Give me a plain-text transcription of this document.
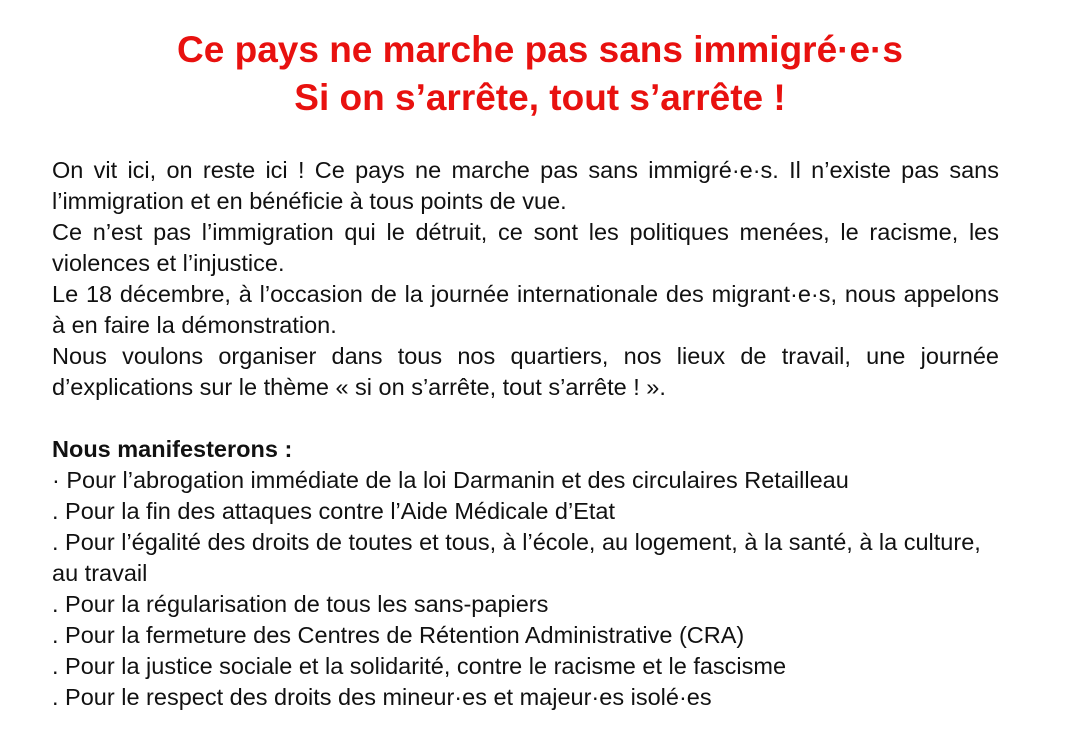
Ce pays ne marche pas sans immigré·e·s
Si on s’arrête, tout s’arrête !

On vit ici, on reste ici ! Ce pays ne marche pas sans immigré·e·s. Il n’existe pas sans l’immigration et en bénéficie à tous points de vue.

Ce n’est pas l’immigration qui le détruit, ce sont les politiques menées, le racisme, les violences et l’injustice.

Le 18 décembre, à l’occasion de la journée internationale des migrant·e·s, nous appelons à en faire la démonstration.

Nous voulons organiser dans tous nos quartiers, nos lieux de travail, une journée d’explications sur le thème « si on s’arrête, tout s’arrête ! ».

Nous manifesterons :

· Pour l’abrogation immédiate de la loi Darmanin et des circulaires Retailleau
. Pour la fin des attaques contre l’Aide Médicale d’Etat
. Pour l’égalité des droits de toutes et tous, à l’école, au logement, à la santé, à la culture, au travail
. Pour la régularisation de tous les sans-papiers
. Pour la fermeture des Centres de Rétention Administrative (CRA)
. Pour la justice sociale et la solidarité, contre le racisme et le fascisme
. Pour le respect des droits des mineur·es et majeur·es isolé·es
